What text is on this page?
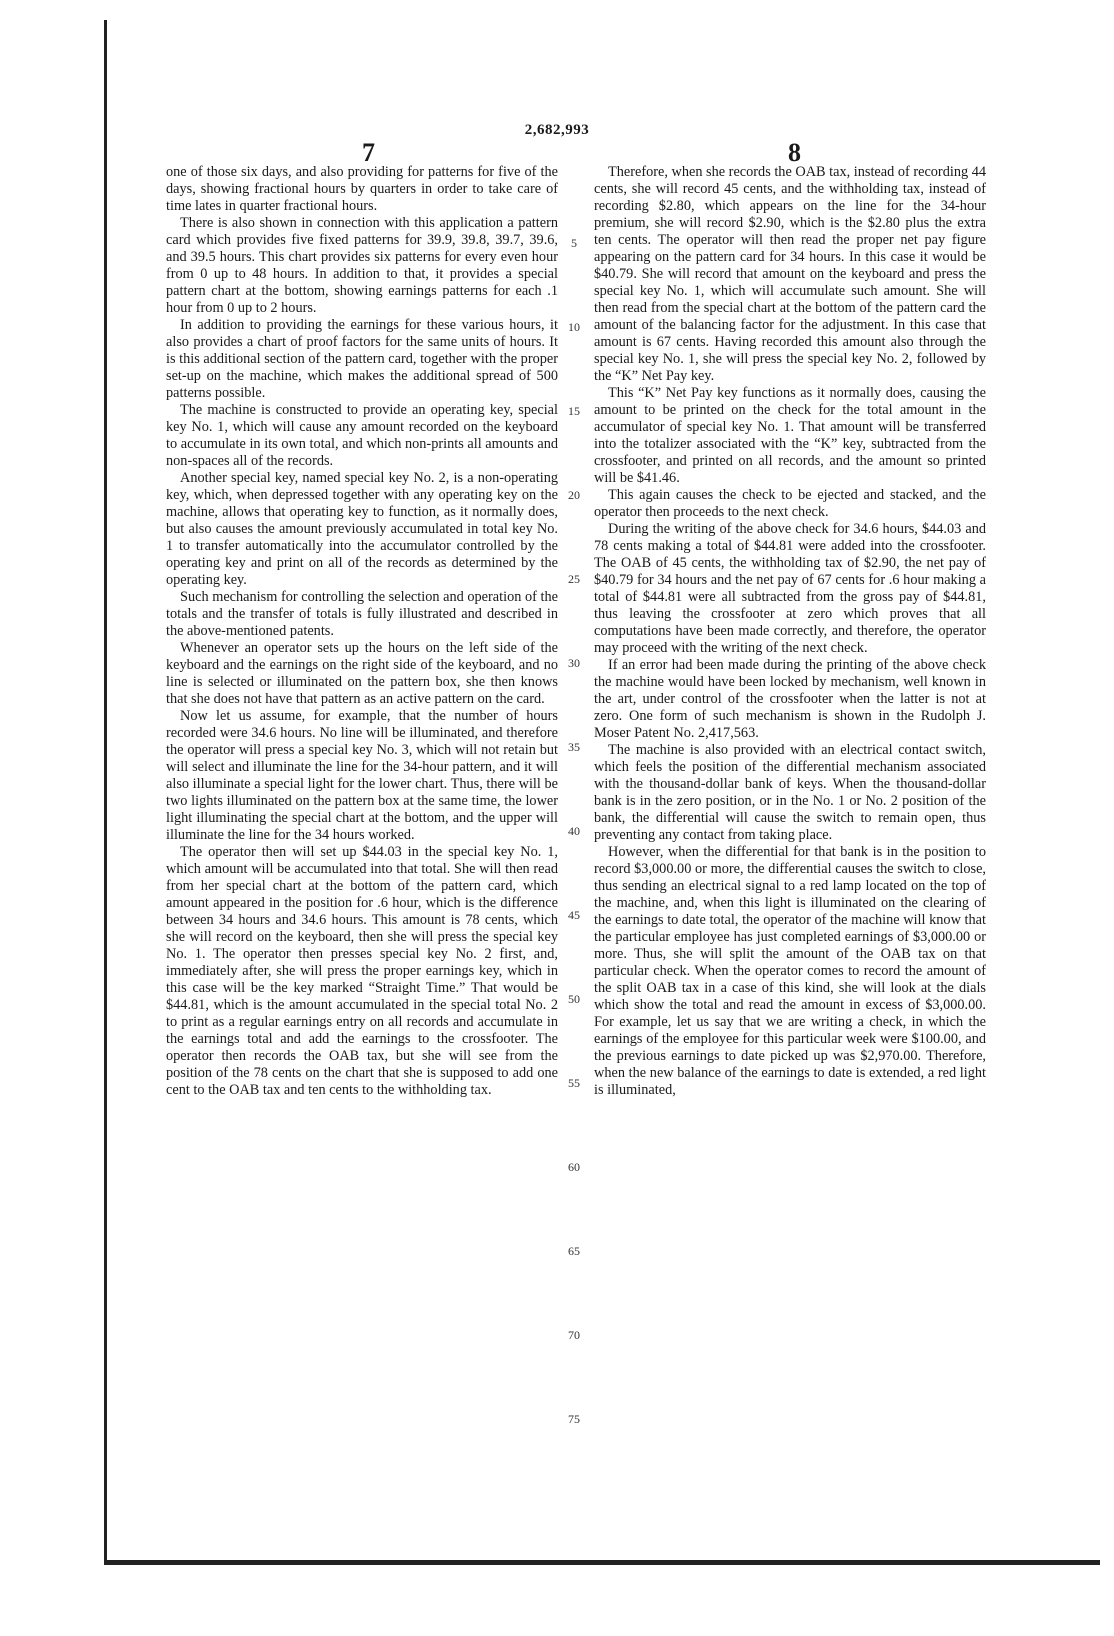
2,682,993
7	8

one of those six days, and also providing for patterns for five of the days, showing fractional hours by quarters in order to take care of time lates in quarter fractional hours.

There is also shown in connection with this application a pattern card which provides five fixed patterns for 39.9, 39.8, 39.7, 39.6, and 39.5 hours. This chart provides six patterns for every even hour from 0 up to 48 hours. In addition to that, it provides a special pattern chart at the bottom, showing earnings patterns for each .1 hour from 0 up to 2 hours.

In addition to providing the earnings for these various hours, it also provides a chart of proof factors for the same units of hours. It is this additional section of the pattern card, together with the proper set-up on the machine, which makes the additional spread of 500 patterns possible.

The machine is constructed to provide an operating key, special key No. 1, which will cause any amount recorded on the keyboard to accumulate in its own total, and which non-prints all amounts and non-spaces all of the records.

Another special key, named special key No. 2, is a non-operating key, which, when depressed together with any operating key on the machine, allows that operating key to function, as it normally does, but also causes the amount previously accumulated in total key No. 1 to transfer automatically into the accumulator controlled by the operating key and print on all of the records as determined by the operating key.

Such mechanism for controlling the selection and operation of the totals and the transfer of totals is fully illustrated and described in the above-mentioned patents.

Whenever an operator sets up the hours on the left side of the keyboard and the earnings on the right side of the keyboard, and no line is selected or illuminated on the pattern box, she then knows that she does not have that pattern as an active pattern on the card.

Now let us assume, for example, that the number of hours recorded were 34.6 hours. No line will be illuminated, and therefore the operator will press a special key No. 3, which will not retain but will select and illuminate the line for the 34-hour pattern, and it will also illuminate a special light for the lower chart. Thus, there will be two lights illuminated on the pattern box at the same time, the lower light illuminating the special chart at the bottom, and the upper will illuminate the line for the 34 hours worked.

The operator then will set up $44.03 in the special key No. 1, which amount will be accumulated into that total. She will then read from her special chart at the bottom of the pattern card, which amount appeared in the position for .6 hour, which is the difference between 34 hours and 34.6 hours. This amount is 78 cents, which she will record on the keyboard, then she will press the special key No. 1. The operator then presses special key No. 2 first, and, immediately after, she will press the proper earnings key, which in this case will be the key marked “Straight Time.” That would be $44.81, which is the amount accumulated in the special total No. 2 to print as a regular earnings entry on all records and accumulate in the earnings total and add the earnings to the crossfooter. The operator then records the OAB tax, but she will see from the position of the 78 cents on the chart that she is supposed to add one cent to the OAB tax and ten cents to the withholding tax.

Therefore, when she records the OAB tax, instead of recording 44 cents, she will record 45 cents, and the withholding tax, instead of recording $2.80, which appears on the line for the 34-hour premium, she will record $2.90, which is the $2.80 plus the extra ten cents. The operator will then read the proper net pay figure appearing on the pattern card for 34 hours. In this case it would be $40.79. She will record that amount on the keyboard and press the special key No. 1, which will accumulate such amount. She will then read from the special chart at the bottom of the pattern card the amount of the balancing factor for the adjustment. In this case that amount is 67 cents. Having recorded this amount also through the special key No. 1, she will press the special key No. 2, followed by the “K” Net Pay key.

This “K” Net Pay key functions as it normally does, causing the amount to be printed on the check for the total amount in the accumulator of special key No. 1. That amount will be transferred into the totalizer associated with the “K” key, subtracted from the crossfooter, and printed on all records, and the amount so printed will be $41.46.

This again causes the check to be ejected and stacked, and the operator then proceeds to the next check.

During the writing of the above check for 34.6 hours, $44.03 and 78 cents making a total of $44.81 were added into the crossfooter. The OAB of 45 cents, the withholding tax of $2.90, the net pay of $40.79 for 34 hours and the net pay of 67 cents for .6 hour making a total of $44.81 were all subtracted from the gross pay of $44.81, thus leaving the crossfooter at zero which proves that all computations have been made correctly, and therefore, the operator may proceed with the writing of the next check.

If an error had been made during the printing of the above check the machine would have been locked by mechanism, well known in the art, under control of the crossfooter when the latter is not at zero. One form of such mechanism is shown in the Rudolph J. Moser Patent No. 2,417,563.

The machine is also provided with an electrical contact switch, which feels the position of the differential mechanism associated with the thousand-dollar bank of keys. When the thousand-dollar bank is in the zero position, or in the No. 1 or No. 2 position of the bank, the differential will cause the switch to remain open, thus preventing any contact from taking place.

However, when the differential for that bank is in the position to record $3,000.00 or more, the differential causes the switch to close, thus sending an electrical signal to a red lamp located on the top of the machine, and, when this light is illuminated on the clearing of the earnings to date total, the operator of the machine will know that the particular employee has just completed earnings of $3,000.00 or more. Thus, she will split the amount of the OAB tax on that particular check. When the operator comes to record the amount of the split OAB tax in a case of this kind, she will look at the dials which show the total and read the amount in excess of $3,000.00. For example, let us say that we are writing a check, in which the earnings of the employee for this particular week were $100.00, and the previous earnings to date picked up was $2,970.00. Therefore, when the new balance of the earnings to date is extended, a red light is illuminated,

5
10
15
20
25
30
35
40
45
50
55
60
65
70
75
